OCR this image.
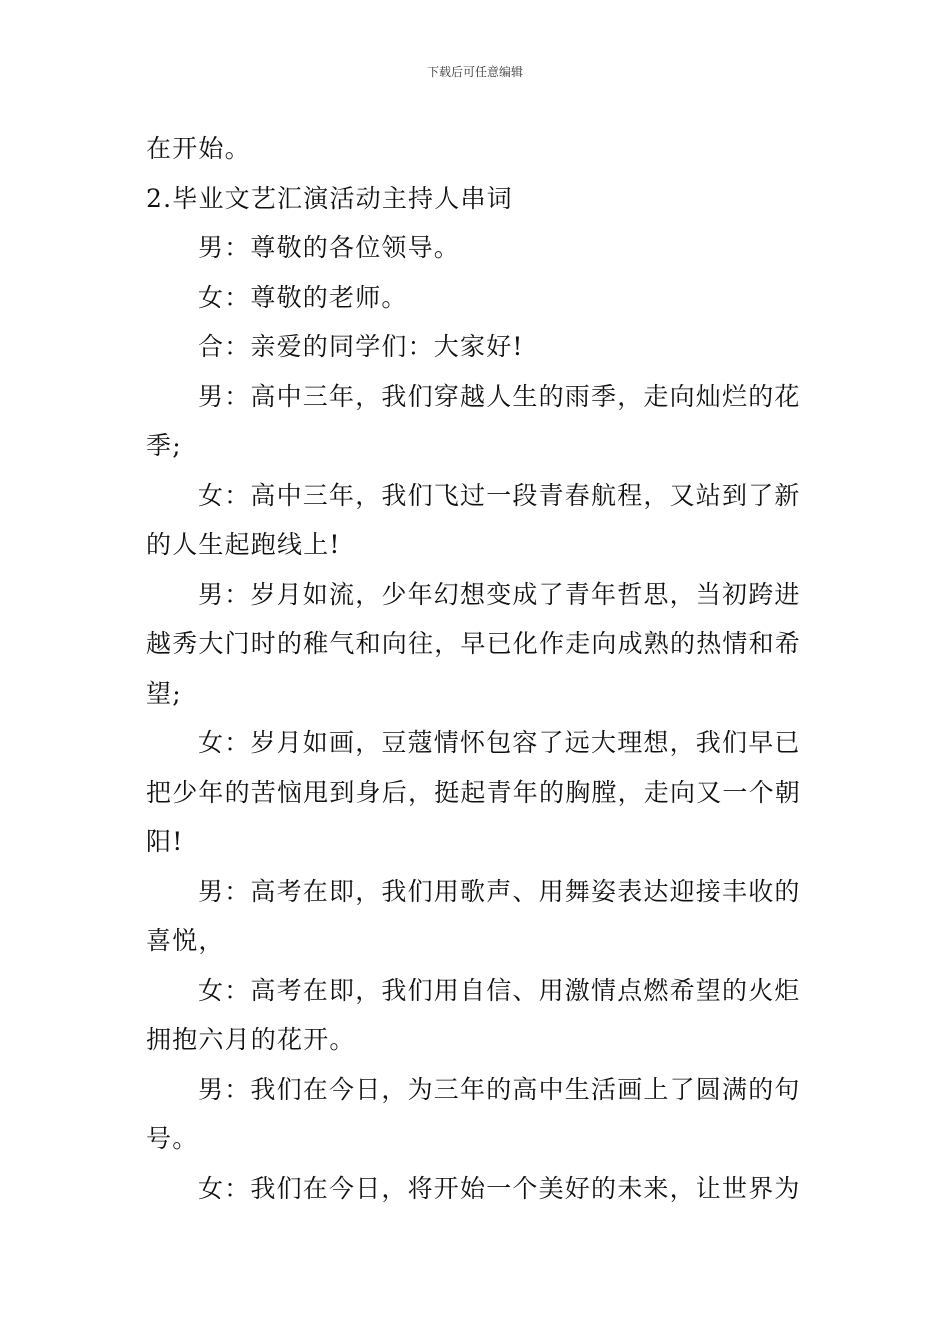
下载后可任意编辑

在开始。

2.毕业文艺汇演活动主持人串词

男：尊敬的各位领导。

女：尊敬的老师。

合：亲爱的同学们：大家好!

男：高中三年，我们穿越人生的雨季，走向灿烂的花季;

女：高中三年，我们飞过一段青春航程，又站到了新的人生起跑线上!

男：岁月如流，少年幻想变成了青年哲思，当初跨进越秀大门时的稚气和向往，早已化作走向成熟的热情和希望;

女：岁月如画，豆蔻情怀包容了远大理想，我们早已把少年的苦恼甩到身后，挺起青年的胸膛，走向又一个朝阳!

男：高考在即，我们用歌声、用舞姿表达迎接丰收的喜悦，

女：高考在即，我们用自信、用激情点燃希望的火炬拥抱六月的花开。

男：我们在今日，为三年的高中生活画上了圆满的句号。

女：我们在今日，将开始一个美好的未来，让世界为
